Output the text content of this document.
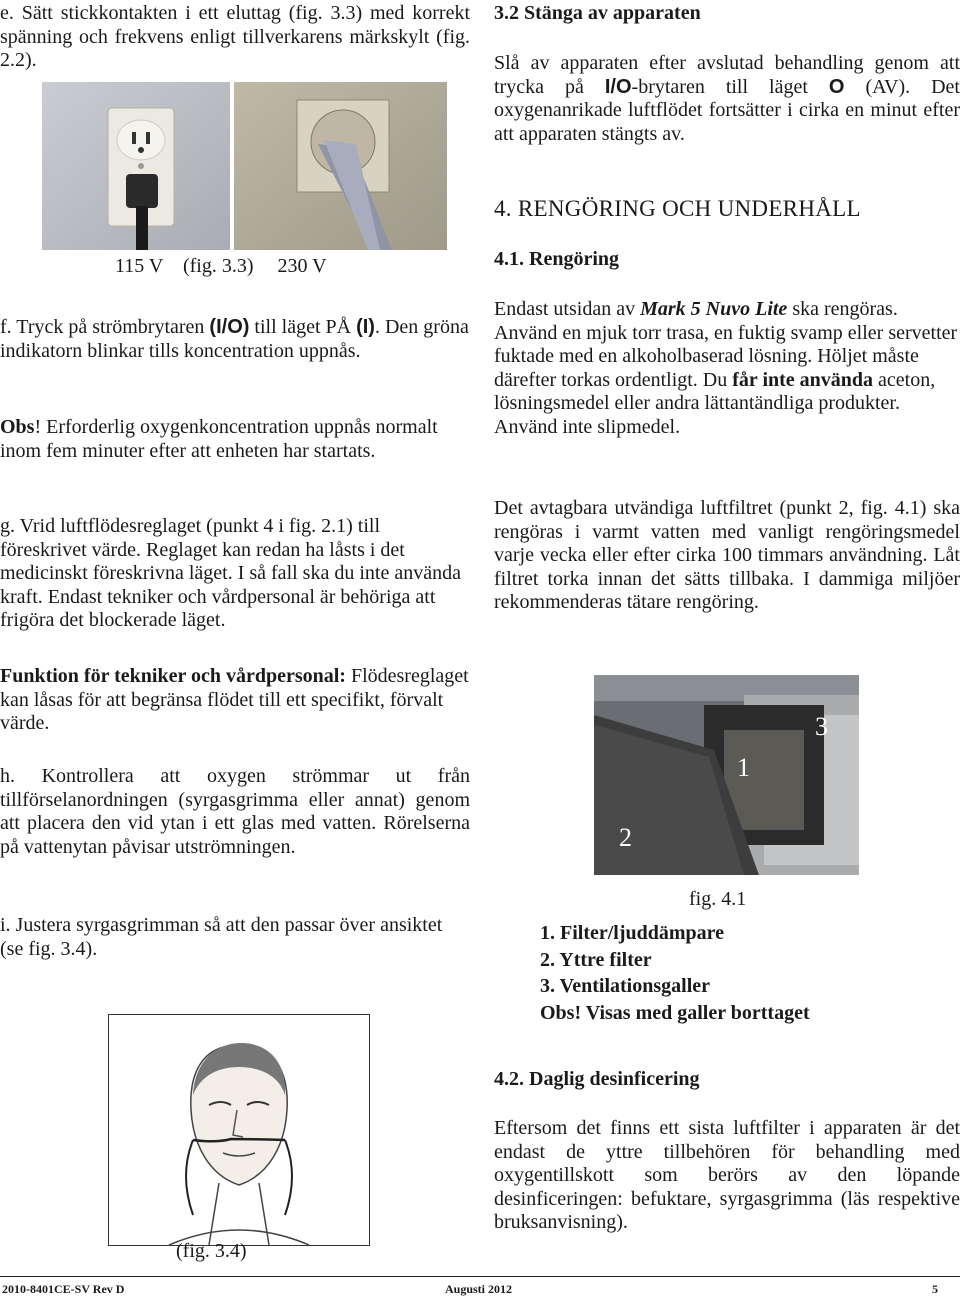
e. Sätt stickkontakten i ett eluttag (fig. 3.3) med korrekt spänning och frekvens enligt tillverkarens märkskylt (fig. 2.2).

115 V (fig. 3.3) 230 V

f. Tryck på strömbrytaren (I/O) till läget PÅ (I). Den gröna indikatorn blinkar tills koncentration uppnås.

Obs! Erforderlig oxygenkoncentration uppnås normalt inom fem minuter efter att enheten har startats.

g. Vrid luftflödesreglaget (punkt 4 i fig. 2.1) till föreskrivet värde. Reglaget kan redan ha låsts i det medicinskt föreskrivna läget. I så fall ska du inte använda kraft. Endast tekniker och vårdpersonal är behöriga att frigöra det blockerade läget.

Funktion för tekniker och vårdpersonal: Flödesreglaget kan låsas för att begränsa flödet till ett specifikt, förvalt värde.

h. Kontrollera att oxygen strömmar ut från tillförselanordningen (syrgasgrimma eller annat) genom att placera den vid ytan i ett glas med vatten. Rörelserna på vattenytan påvisar utströmningen.

i. Justera syrgasgrimman så att den passar över ansiktet (se fig. 3.4).

(fig. 3.4)

3.2 Stänga av apparaten

Slå av apparaten efter avslutad behandling genom att trycka på I/O-brytaren till läget O (AV). Det oxygenanrikade luftflödet fortsätter i cirka en minut efter att apparaten stängts av.

4. RENGÖRING OCH UNDERHÅLL

4.1. Rengöring

Endast utsidan av Mark 5 Nuvo Lite ska rengöras. Använd en mjuk torr trasa, en fuktig svamp eller servetter fuktade med en alkoholbaserad lösning. Höljet måste därefter torkas ordentligt. Du får inte använda aceton, lösningsmedel eller andra lättantändliga produkter. Använd inte slipmedel.

Det avtagbara utvändiga luftfiltret (punkt 2, fig. 4.1) ska rengöras i varmt vatten med vanligt rengöringsmedel varje vecka eller efter cirka 100 timmars användning. Låt filtret torka innan det sätts tillbaka. I dammiga miljöer rekommenderas tätare rengöring.

1
2
3
fig. 4.1

1. Filter/ljuddämpare

2. Yttre filter

3. Ventilationsgaller

Obs! Visas med galler borttaget

4.2. Daglig desinficering

Eftersom det finns ett sista luftfilter i apparaten är det endast de yttre tillbehören för behandling med oxygentillskott som berörs av den löpande desinficeringen: befuktare, syrgasgrimma (läs respektive bruksanvisning).

2010-8401CE-SV Rev D	Augusti 2012	5
